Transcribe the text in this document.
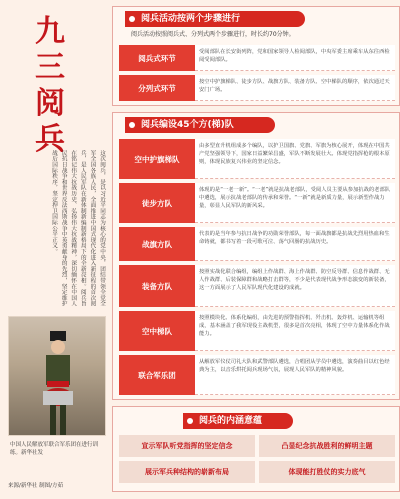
九三阅兵
这次阅兵，是以习近平同志为核心的党中央，团结带领全党全军全国各族人民，全面推进中国式现代化进入新征程的首次阅兵，是人民军队在新体制新编制新格局下的全新亮相。阅兵旨在铭记伟大抗战历史、弘扬伟大抗战精神，深切缅怀在中国人民抗日战争和世界反法西斯战争中英勇献身的先烈，坚定维护战后国际秩序，坚定捍卫国际公平正义。
中国人民解放军联合军乐团在进行训练。新华社发
来源/新华社 制图/方茹
阅兵活动按两个步骤进行
阅兵活动按照阅兵式、分列式两个步骤进行，时长约70分钟。
阅兵式环节
受阅部队在长安街列阵，党和国家领导人检阅部队，中央军委主席乘车从东往西检阅受阅部队。
分列式环节
按空中护旗梯队、徒步方队、战旗方队、装备方队、空中梯队的顺序，依次通过天安门广场。
阅兵编设45个方(梯)队
空中护旗梯队
由多型直升机组成多个编队，以护卫国旗、党旗、军旗为核心展开，体现在中国共产党坚强领导下，国家日益繁荣昌盛，军队不断发展壮大。体现党指挥枪的根本原则，体现民族复兴伟业的坚定信念。
徒步方队
体现的是“一老一新”。“一老”就是抗战老部队，受阅人员主要从参加抗战的老部队中遴选，展示抗战老部队的传承和荣誉。“一新”就是新质力量，展示新型作战力量，彰显人民军队的新风采。
战旗方队
代表的是当年参与抗日战争的功勋荣誉部队，每一面战旗都是抗战先烈用热血和生命铸就，都书写着一段可歌可泣、荡气回肠的抗战历史。
装备方队
按照实战化联合编组，编组上作战群、海上作战群、防空反导群、信息作战群、无人作战群、后装保障群和战略打击群等，不少是代表现代战争形态演变的新装备，这一方面展示了人民军队现代化建设的成就。
空中梯队
按照模块化、体系化编组，由先进的预警指挥机、歼击机、轰炸机、运输机等组成，基本涵盖了我军现役主战机型，很多是首次亮相，体现了空中力量体系化作战能力。
联合军乐团
从解放军仪仗司礼大队和武警部队遴选，合唱团从学员中遴选，演奏曲目以红色经典为主，以音乐烘托阅兵现场气氛，展现人民军队的精神风貌。
阅兵的内涵意蕴
宣示军队听党指挥的坚定信念	凸显纪念抗战胜利的鲜明主题
展示军兵种结构的崭新布局	体现能打胜仗的实力底气
